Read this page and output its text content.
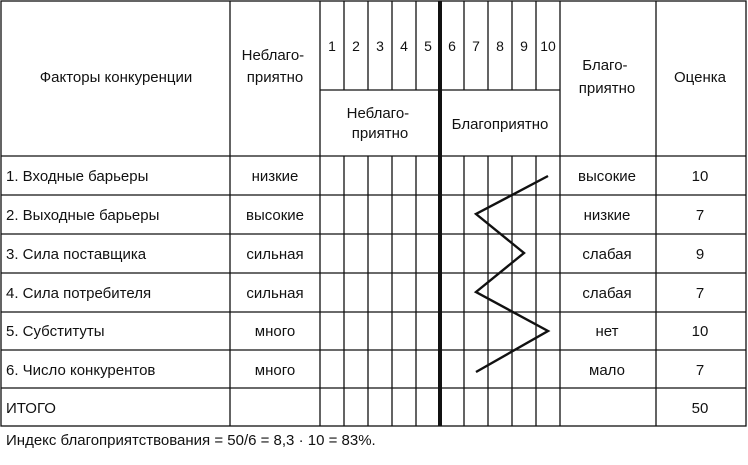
Факторы конкуренции
Неблаго- приятно
1 2 3 4 5 6 7 8 9 10
Неблаго- приятно
Благоприятно
Благо- приятно
Оценка
1. Входные барьеры	низкие	высокие	10
2. Выходные барьеры	высокие	низкие	7
3. Сила поставщика	сильная	слабая	9
4. Сила потребителя	сильная	слабая	7
5. Субституты	много	нет	10
6. Число конкурентов	много	мало	7
ИТОГО	50
Индекс благоприятствования = 50/6 = 8,3 · 10 = 83%.
